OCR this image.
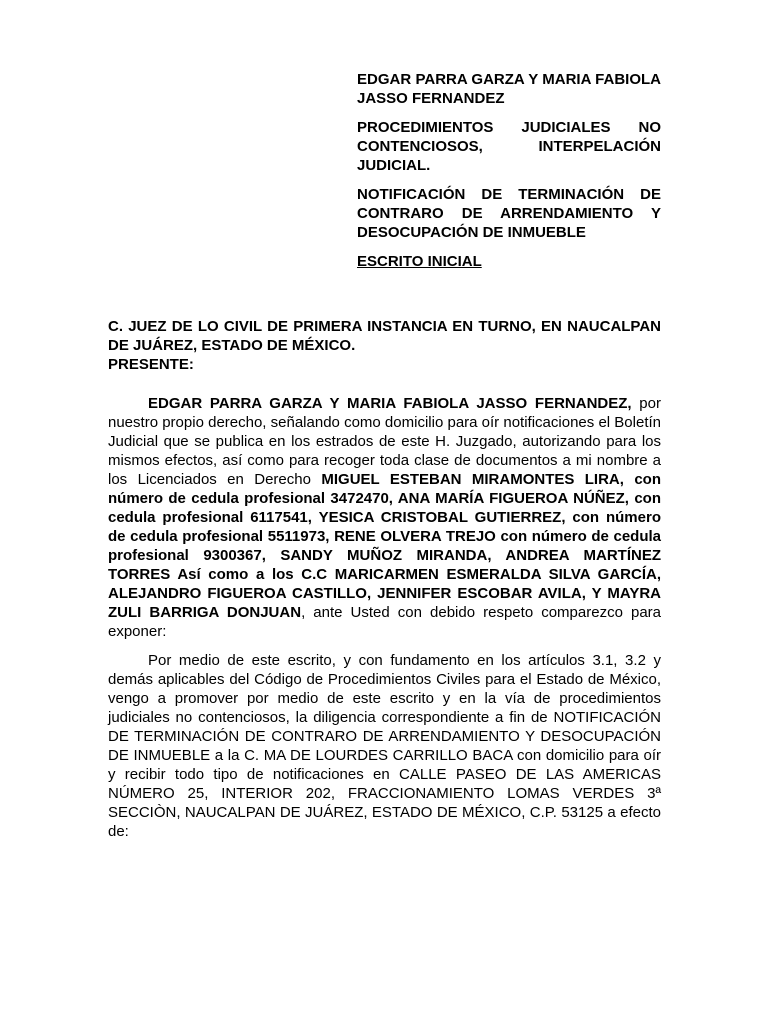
EDGAR PARRA GARZA Y MARIA FABIOLA JASSO FERNANDEZ

PROCEDIMIENTOS JUDICIALES NO CONTENCIOSOS, INTERPELACIÓN JUDICIAL.

NOTIFICACIÓN DE TERMINACIÓN DE CONTRARO DE ARRENDAMIENTO Y DESOCUPACIÓN DE INMUEBLE

ESCRITO INICIAL

C. JUEZ DE LO CIVIL DE PRIMERA INSTANCIA EN TURNO, EN NAUCALPAN DE JUÁREZ, ESTADO DE MÉXICO.
PRESENTE:

EDGAR PARRA GARZA Y MARIA FABIOLA JASSO FERNANDEZ, por nuestro propio derecho, señalando como domicilio para oír notificaciones el Boletín Judicial que se publica en los estrados de este H. Juzgado, autorizando para los mismos efectos, así como para recoger toda clase de documentos a mi nombre a los Licenciados en Derecho MIGUEL ESTEBAN MIRAMONTES LIRA, con número de cedula profesional 3472470, ANA MARÍA FIGUEROA NÚÑEZ, con cedula profesional 6117541, YESICA CRISTOBAL GUTIERREZ, con número de cedula profesional 5511973, RENE OLVERA TREJO con número de cedula profesional 9300367, SANDY MUÑOZ MIRANDA, ANDREA MARTÍNEZ TORRES Así como a los C.C MARICARMEN ESMERALDA SILVA GARCÍA, ALEJANDRO FIGUEROA CASTILLO, JENNIFER ESCOBAR AVILA, Y MAYRA ZULI BARRIGA DONJUAN, ante Usted con debido respeto comparezco para exponer:

Por medio de este escrito, y con fundamento en los artículos 3.1, 3.2 y demás aplicables del Código de Procedimientos Civiles para el Estado de México, vengo a promover por medio de este escrito y en la vía de procedimientos judiciales no contenciosos, la diligencia correspondiente a fin de NOTIFICACIÓN DE TERMINACIÓN DE CONTRARO DE ARRENDAMIENTO Y DESOCUPACIÓN DE INMUEBLE a la C. MA DE LOURDES CARRILLO BACA con domicilio para oír y recibir todo tipo de notificaciones en CALLE PASEO DE LAS AMERICAS NÚMERO 25, INTERIOR 202, FRACCIONAMIENTO LOMAS VERDES 3ª SECCIÒN, NAUCALPAN DE JUÁREZ, ESTADO DE MÉXICO, C.P. 53125 a efecto de:
